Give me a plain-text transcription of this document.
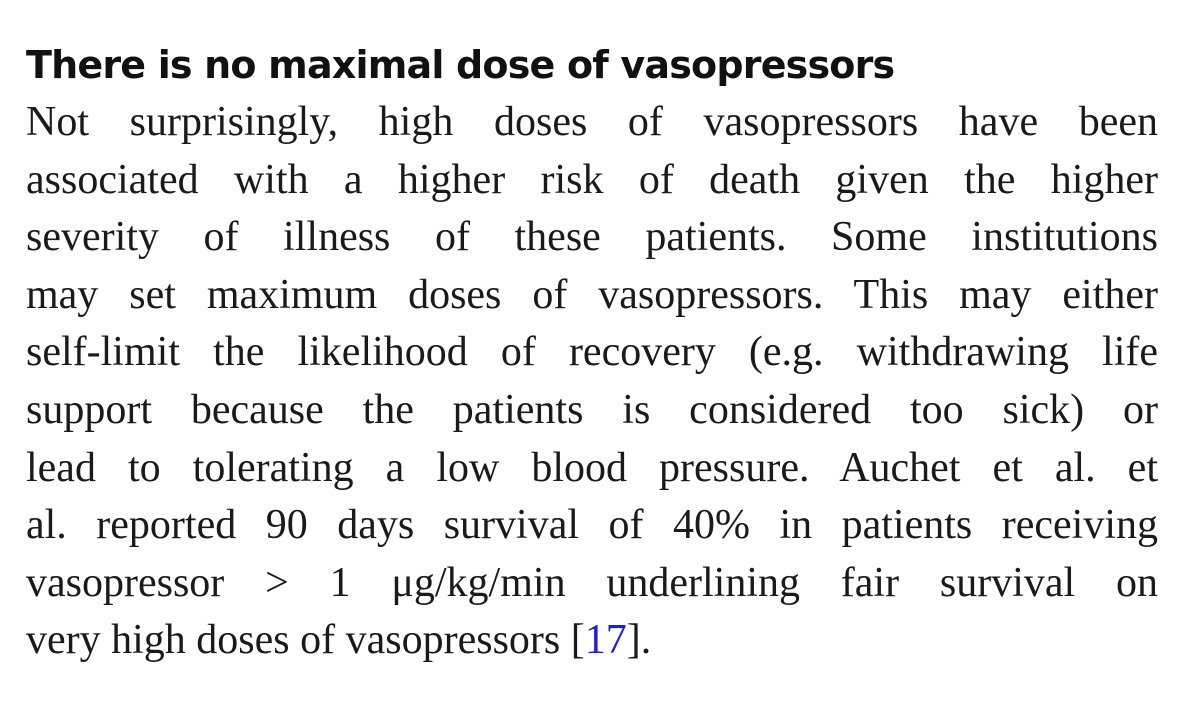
There is no maximal dose of vasopressors
Not surprisingly, high doses of vasopressors have been
associated with a higher risk of death given the higher
severity of illness of these patients. Some institutions
may set maximum doses of vasopressors. This may either
self-limit the likelihood of recovery (e.g. withdrawing life
support because the patients is considered too sick) or
lead to tolerating a low blood pressure. Auchet et al. et
al. reported 90 days survival of 40% in patients receiving
vasopressor > 1 μg/kg/min underlining fair survival on
very high doses of vasopressors [17].
